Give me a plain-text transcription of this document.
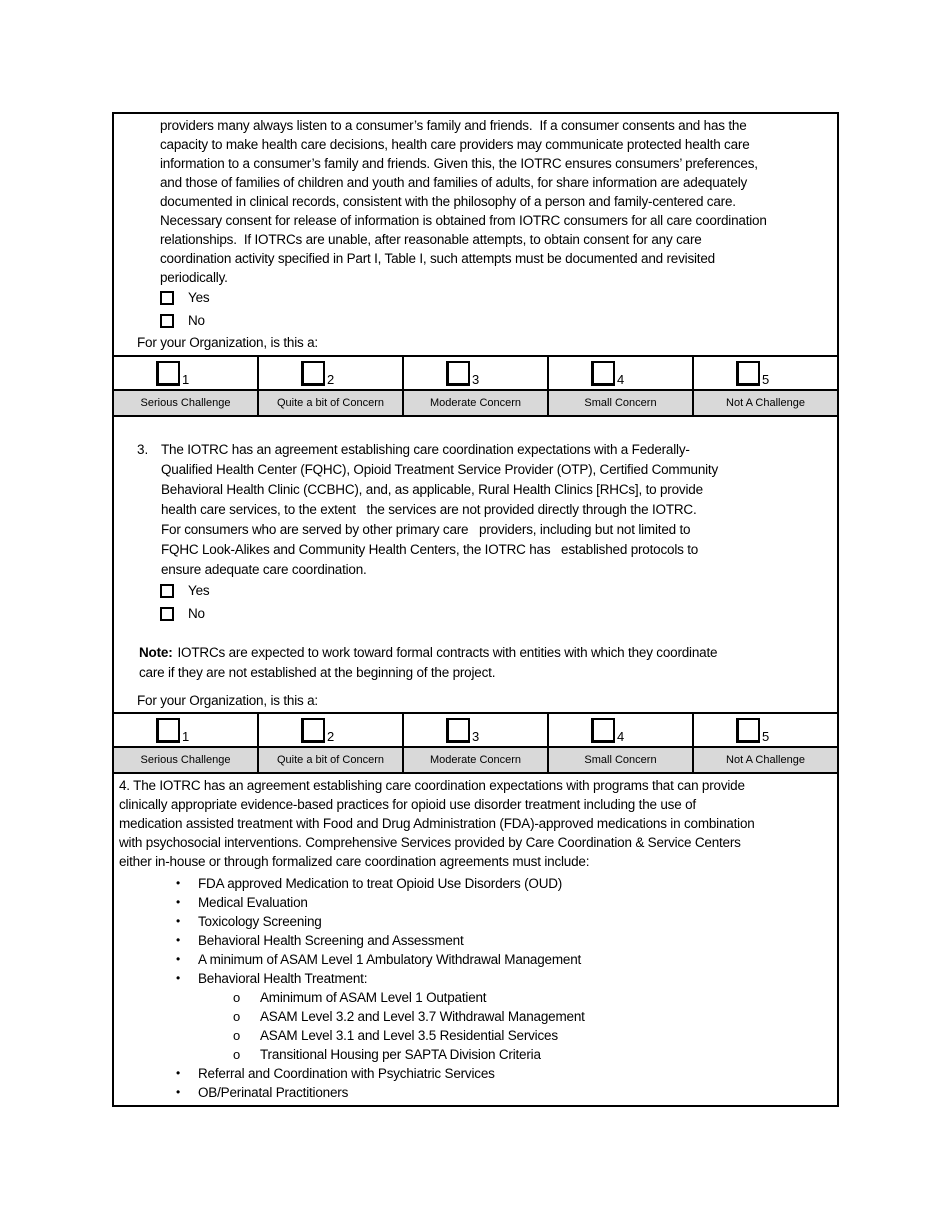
providers many always listen to a consumer’s family and friends.  If a consumer consents and has the
capacity to make health care decisions, health care providers may communicate protected health care
information to a consumer’s family and friends. Given this, the IOTRC ensures consumers’ preferences,
and those of families of children and youth and families of adults, for share information are adequately
documented in clinical records, consistent with the philosophy of a person and family-centered care.
Necessary consent for release of information is obtained from IOTRC consumers for all care coordination
relationships.  If IOTRCs are unable, after reasonable attempts, to obtain consent for any care
coordination activity specified in Part I, Table I, such attempts must be documented and revisited
periodically.
Yes
No
For your Organization, is this a:
1	2	3	4	5
Serious Challenge	Quite a bit of Concern	Moderate Concern	Small Concern	Not A Challenge
3. The IOTRC has an agreement establishing care coordination expectations with a Federally-
Qualified Health Center (FQHC), Opioid Treatment Service Provider (OTP), Certified Community
Behavioral Health Clinic (CCBHC), and, as applicable, Rural Health Clinics [RHCs], to provide
health care services, to the extent   the services are not provided directly through the IOTRC.
For consumers who are served by other primary care   providers, including but not limited to
FQHC Look-Alikes and Community Health Centers, the IOTRC has   established protocols to
ensure adequate care coordination.
Yes
No
Note: IOTRCs are expected to work toward formal contracts with entities with which they coordinate
care if they are not established at the beginning of the project.
For your Organization, is this a:
1	2	3	4	5
Serious Challenge	Quite a bit of Concern	Moderate Concern	Small Concern	Not A Challenge
4. The IOTRC has an agreement establishing care coordination expectations with programs that can provide
clinically appropriate evidence-based practices for opioid use disorder treatment including the use of
medication assisted treatment with Food and Drug Administration (FDA)-approved medications in combination
with psychosocial interventions. Comprehensive Services provided by Care Coordination & Service Centers
either in-house or through formalized care coordination agreements must include:
•	FDA approved Medication to treat Opioid Use Disorders (OUD)
•	Medical Evaluation
•	Toxicology Screening
•	Behavioral Health Screening and Assessment
•	A minimum of ASAM Level 1 Ambulatory Withdrawal Management
•	Behavioral Health Treatment:
o	Aminimum of ASAM Level 1 Outpatient
o	ASAM Level 3.2 and Level 3.7 Withdrawal Management
o	ASAM Level 3.1 and Level 3.5 Residential Services
o	Transitional Housing per SAPTA Division Criteria
•	Referral and Coordination with Psychiatric Services
•	OB/Perinatal Practitioners
